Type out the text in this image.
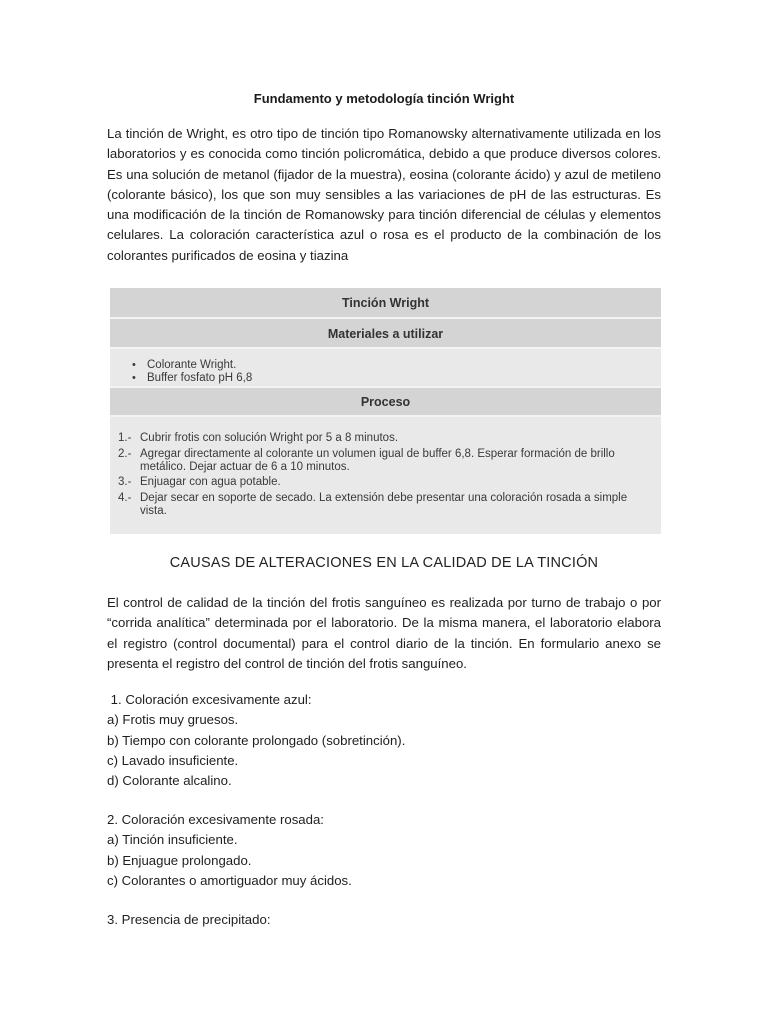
Fundamento y metodología tinción Wright
La tinción de Wright, es otro tipo de tinción tipo Romanowsky alternativamente utilizada en los laboratorios y es conocida como tinción policromática, debido a que produce diversos colores. Es una solución de metanol (fijador de la muestra), eosina (colorante ácido) y azul de metileno (colorante básico), los que son muy sensibles a las variaciones de pH de las estructuras. Es una modificación de la tinción de Romanowsky para tinción diferencial de células y elementos celulares. La coloración característica azul o rosa es el producto de la combinación de los colorantes purificados de eosina y tiazina
Tinción Wright
Materiales a utilizar
• Colorante Wright.
• Buffer fosfato pH 6,8
Proceso
1.- Cubrir frotis con solución Wright por 5 a 8 minutos.
2.- Agregar directamente al colorante un volumen igual de buffer 6,8. Esperar formación de brillo metálico. Dejar actuar de 6 a 10 minutos.
3.- Enjuagar con agua potable.
4.- Dejar secar en soporte de secado. La extensión debe presentar una coloración rosada a simple vista.
CAUSAS DE ALTERACIONES EN LA CALIDAD DE LA TINCIÓN
El control de calidad de la tinción del frotis sanguíneo es realizada por turno de trabajo o por “corrida analítica” determinada por el laboratorio. De la misma manera, el laboratorio elabora el registro (control documental) para el control diario de la tinción. En formulario anexo se presenta el registro del control de tinción del frotis sanguíneo.
1. Coloración excesivamente azul:
a) Frotis muy gruesos.
b) Tiempo con colorante prolongado (sobretinción).
c) Lavado insuficiente.
d) Colorante alcalino.
2. Coloración excesivamente rosada:
a) Tinción insuficiente.
b) Enjuague prolongado.
c) Colorantes o amortiguador muy ácidos.
3. Presencia de precipitado:
